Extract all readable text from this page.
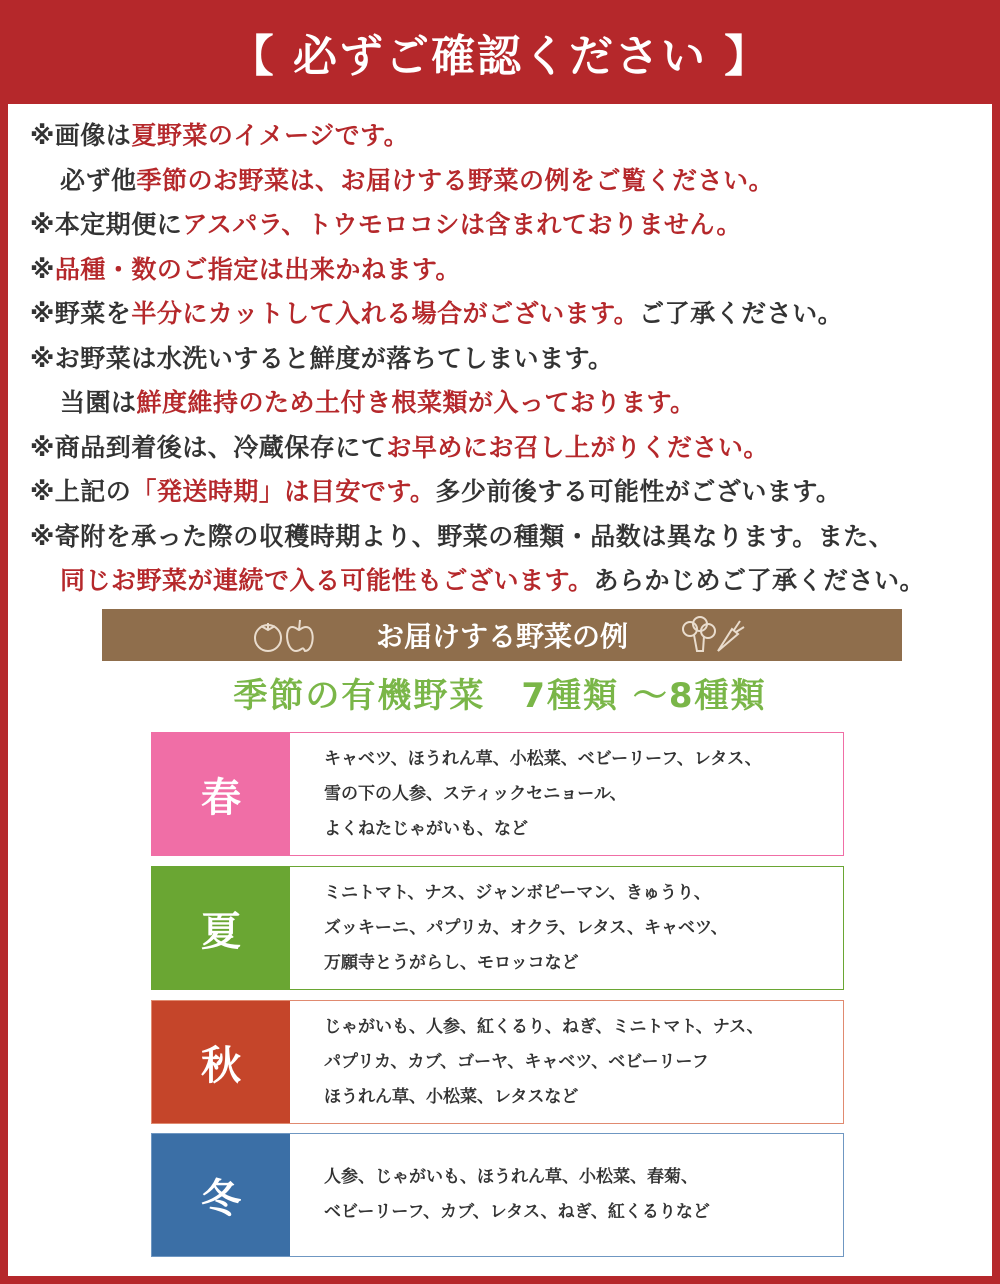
【 必ずご確認ください 】
※画像は夏野菜のイメージです。
必ず他季節のお野菜は、お届けする野菜の例をご覧ください。
※本定期便にアスパラ、トウモロコシは含まれておりません。
※品種・数のご指定は出来かねます。
※野菜を半分にカットして入れる場合がございます。ご了承ください。
※お野菜は水洗いすると鮮度が落ちてしまいます。
当園は鮮度維持のため土付き根菜類が入っております。
※商品到着後は、冷蔵保存にてお早めにお召し上がりください。
※上記の「発送時期」は目安です。多少前後する可能性がございます。
※寄附を承った際の収穫時期より、野菜の種類・品数は異なります。また、
同じお野菜が連続で入る可能性もございます。あらかじめご了承ください。
お届けする野菜の例
季節の有機野菜　7種類 ～8種類
春
キャベツ、ほうれん草、小松菜、ベビーリーフ、レタス、
雪の下の人参、スティックセニョール、
よくねたじゃがいも、など
夏
ミニトマト、ナス、ジャンボピーマン、きゅうり、
ズッキーニ、パプリカ、オクラ、レタス、キャベツ、
万願寺とうがらし、モロッコなど
秋
じゃがいも、人参、紅くるり、ねぎ、ミニトマト、ナス、
パプリカ、カブ、ゴーヤ、キャベツ、ベビーリーフ
ほうれん草、小松菜、レタスなど
冬	人参、じゃがいも、ほうれん草、小松菜、春菊、
ベビーリーフ、カブ、レタス、ねぎ、紅くるりなど
